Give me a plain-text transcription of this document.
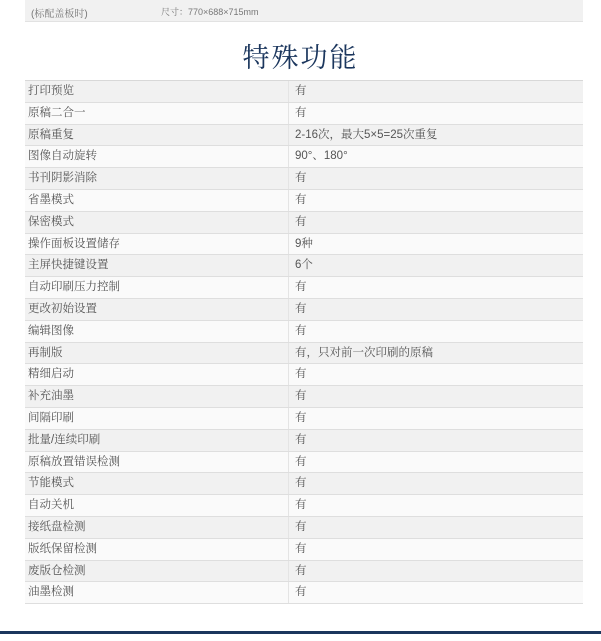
(标配盖板时)	尺寸：770×688×715mm
特殊功能
打印预览	有
原稿二合一	有
原稿重复	2-16次，最大5×5=25次重复
图像自动旋转	90°、180°
书刊阴影消除	有
省墨模式	有
保密模式	有
操作面板设置储存	9种
主屏快捷键设置	6个
自动印刷压力控制	有
更改初始设置	有
编辑图像	有
再制版	有，只对前一次印刷的原稿
精细启动	有
补充油墨	有
间隔印刷	有
批量/连续印刷	有
原稿放置错误检测	有
节能模式	有
自动关机	有
接纸盘检测	有
版纸保留检测	有
废版仓检测	有
油墨检测	有
